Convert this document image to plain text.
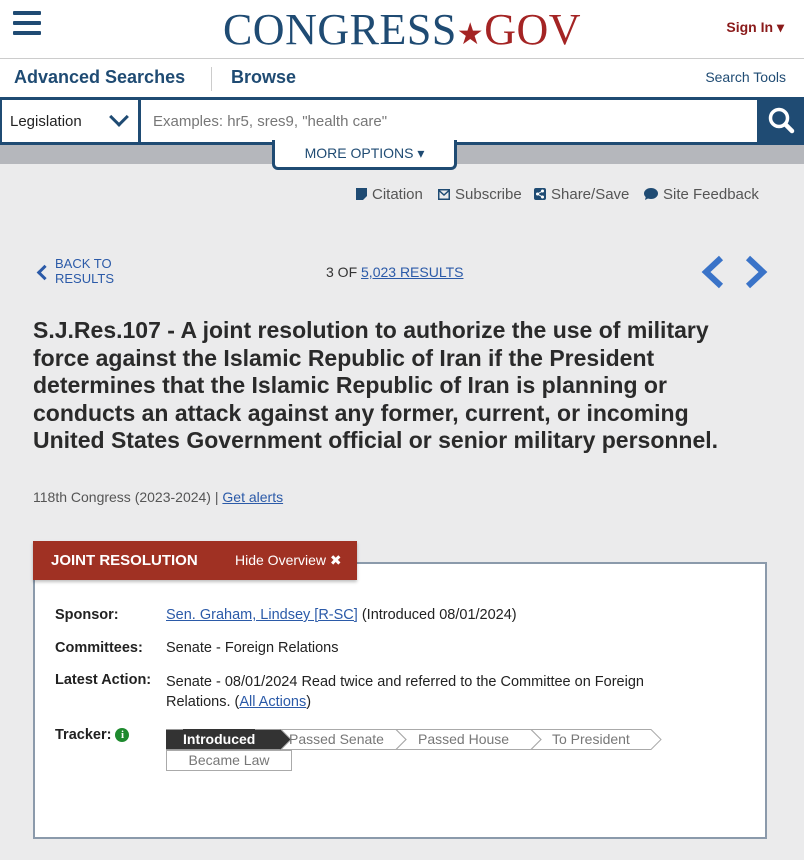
CONGRESS★GOV	Sign In ▾
Advanced Searches	Browse	Search Tools
Legislation
Examples: hr5, sres9, "health care"
MORE OPTIONS ▾
Citation	Subscribe	Share/Save	Site Feedback
BACK TO
RESULTS	3 OF 5,023 RESULTS
S.J.Res.107 - A joint resolution to authorize the use of military force against the Islamic Republic of Iran if the President determines that the Islamic Republic of Iran is planning or conducts an attack against any former, current, or incoming United States Government official or senior military personnel.
118th Congress (2023-2024) | Get alerts
JOINT RESOLUTION	Hide Overview ✖
Sponsor:	Sen. Graham, Lindsey [R-SC] (Introduced 08/01/2024)
Committees: Senate - Foreign Relations
Latest Action: Senate - 08/01/2024 Read twice and referred to the Committee on Foreign
Relations. (All Actions)
Tracker: i	Introduced Passed Senate Passed House	To President
Became Law
